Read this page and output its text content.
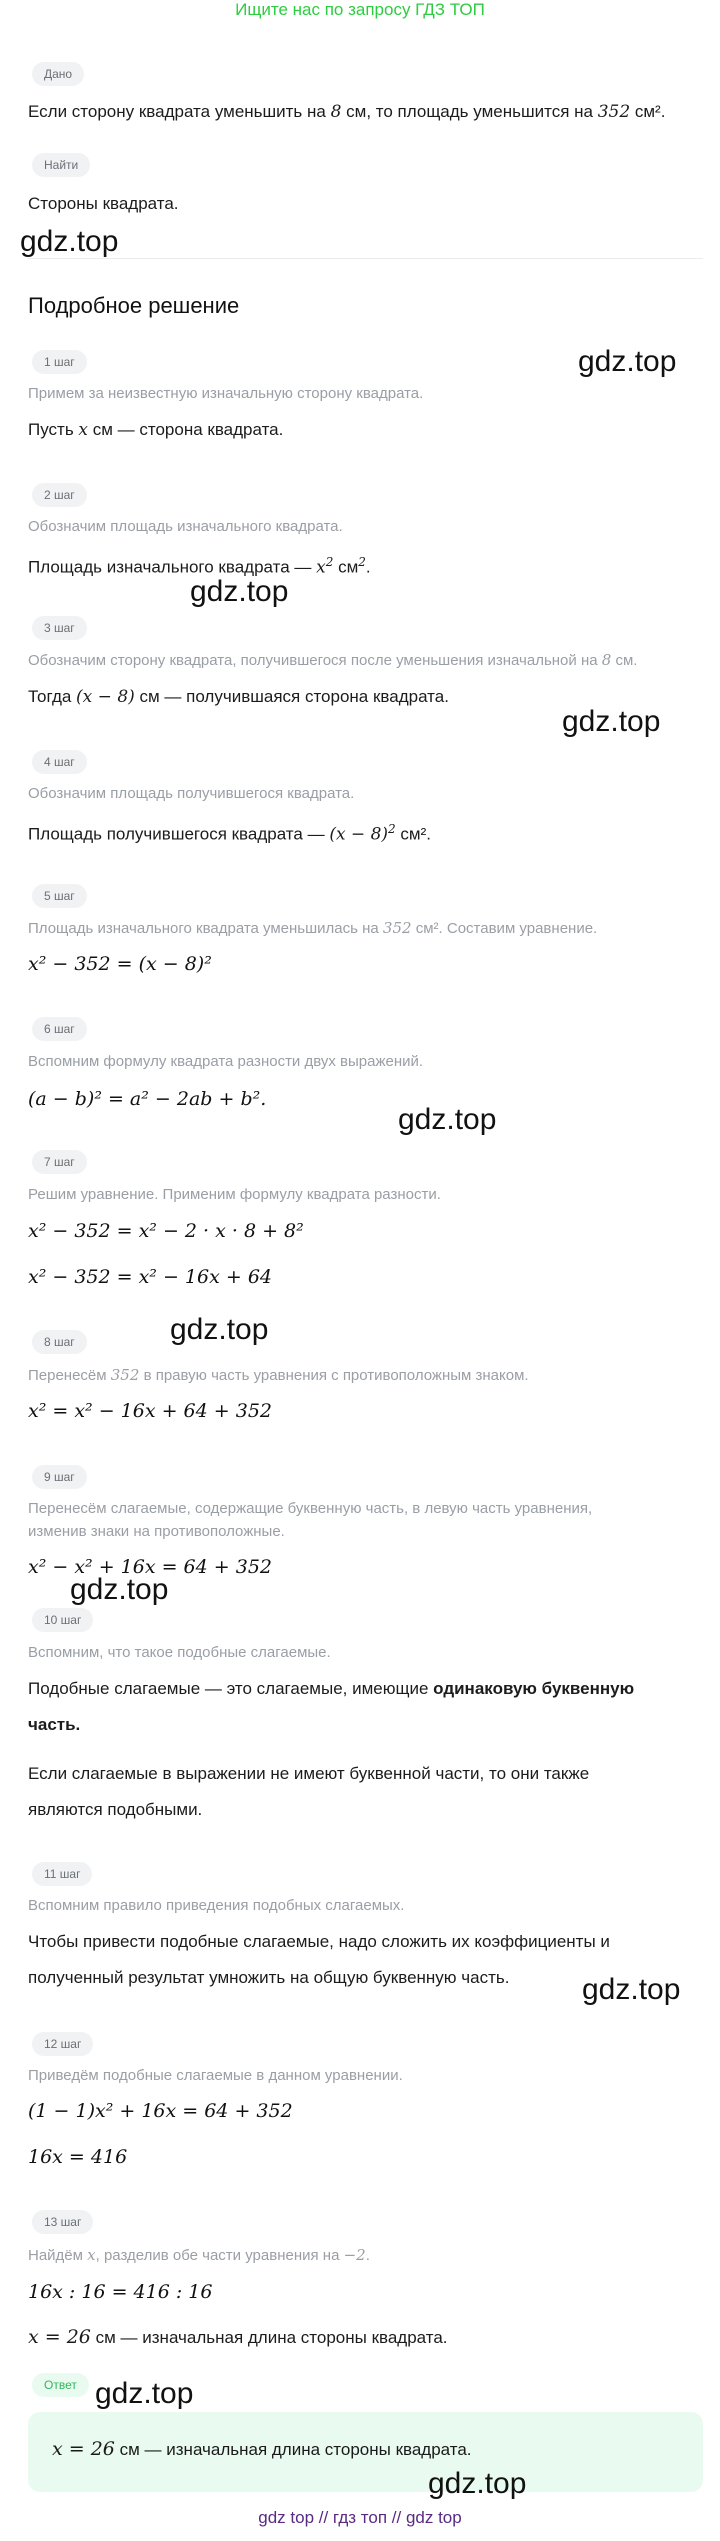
Ищите нас по запросу ГДЗ ТОП
Дано
Если сторону квадрата уменьшить на 8 см, то площадь уменьшится на 352 см².
Найти
Стороны квадрата.
gdz.top
Подробное решение
1 шаг	gdz.top
Примем за неизвестную изначальную сторону квадрата.
Пусть x см — сторона квадрата.
2 шаг
Обозначим площадь изначального квадрата.
Площадь изначального квадрата — $x^2$ $см^2$.
gdz.top
3 шаг
Обозначим сторону квадрата, получившегося после уменьшения изначальной на 8 см.
Тогда (x − 8) см — получившаяся сторона квадрата.
gdz.top
4 шаг
Обозначим площадь получившегося квадрата.
Площадь получившегося квадрата — $(x - 8)^2$ см².
5 шаг
Площадь изначального квадрата уменьшилась на 352 см². Составим уравнение.
x² − 352 = (x − 8)²
6 шаг
Вспомним формулу квадрата разности двух выражений.
(a − b)² = a² − 2ab + b².
gdz.top
7 шаг
Решим уравнение. Применим формулу квадрата разности.
x² − 352 = x² − 2 · x · 8 + 8²
x² − 352 = x² − 16x + 64
gdz.top
8 шаг
Перенесём 352 в правую часть уравнения с противоположным знаком.
x² = x² − 16x + 64 + 352
9 шаг
Перенесём слагаемые, содержащие буквенную часть, в левую часть уравнения,
изменив знаки на противоположные.
x² − x² + 16x = 64 + 352
gdz.top
10 шаг
Вспомним, что такое подобные слагаемые.
Подобные слагаемые — это слагаемые, имеющие одинаковую буквенную
часть.
Если слагаемые в выражении не имеют буквенной части, то они также
являются подобными.
11 шаг
Вспомним правило приведения подобных слагаемых.
Чтобы привести подобные слагаемые, надо сложить их коэффициенты и
полученный результат умножить на общую буквенную часть.	gdz.top
12 шаг
Приведём подобные слагаемые в данном уравнении.
(1 − 1)x² + 16x = 64 + 352
16x = 416
13 шаг
Найдём x, разделив обе части уравнения на −2.
16x : 16 = 416 : 16
x = 26 см — изначальная длина стороны квадрата.
Ответ gdz.top
x = 26 см — изначальная длина стороны квадрата.
gdz.top
gdz top // гдз топ // gdz top
